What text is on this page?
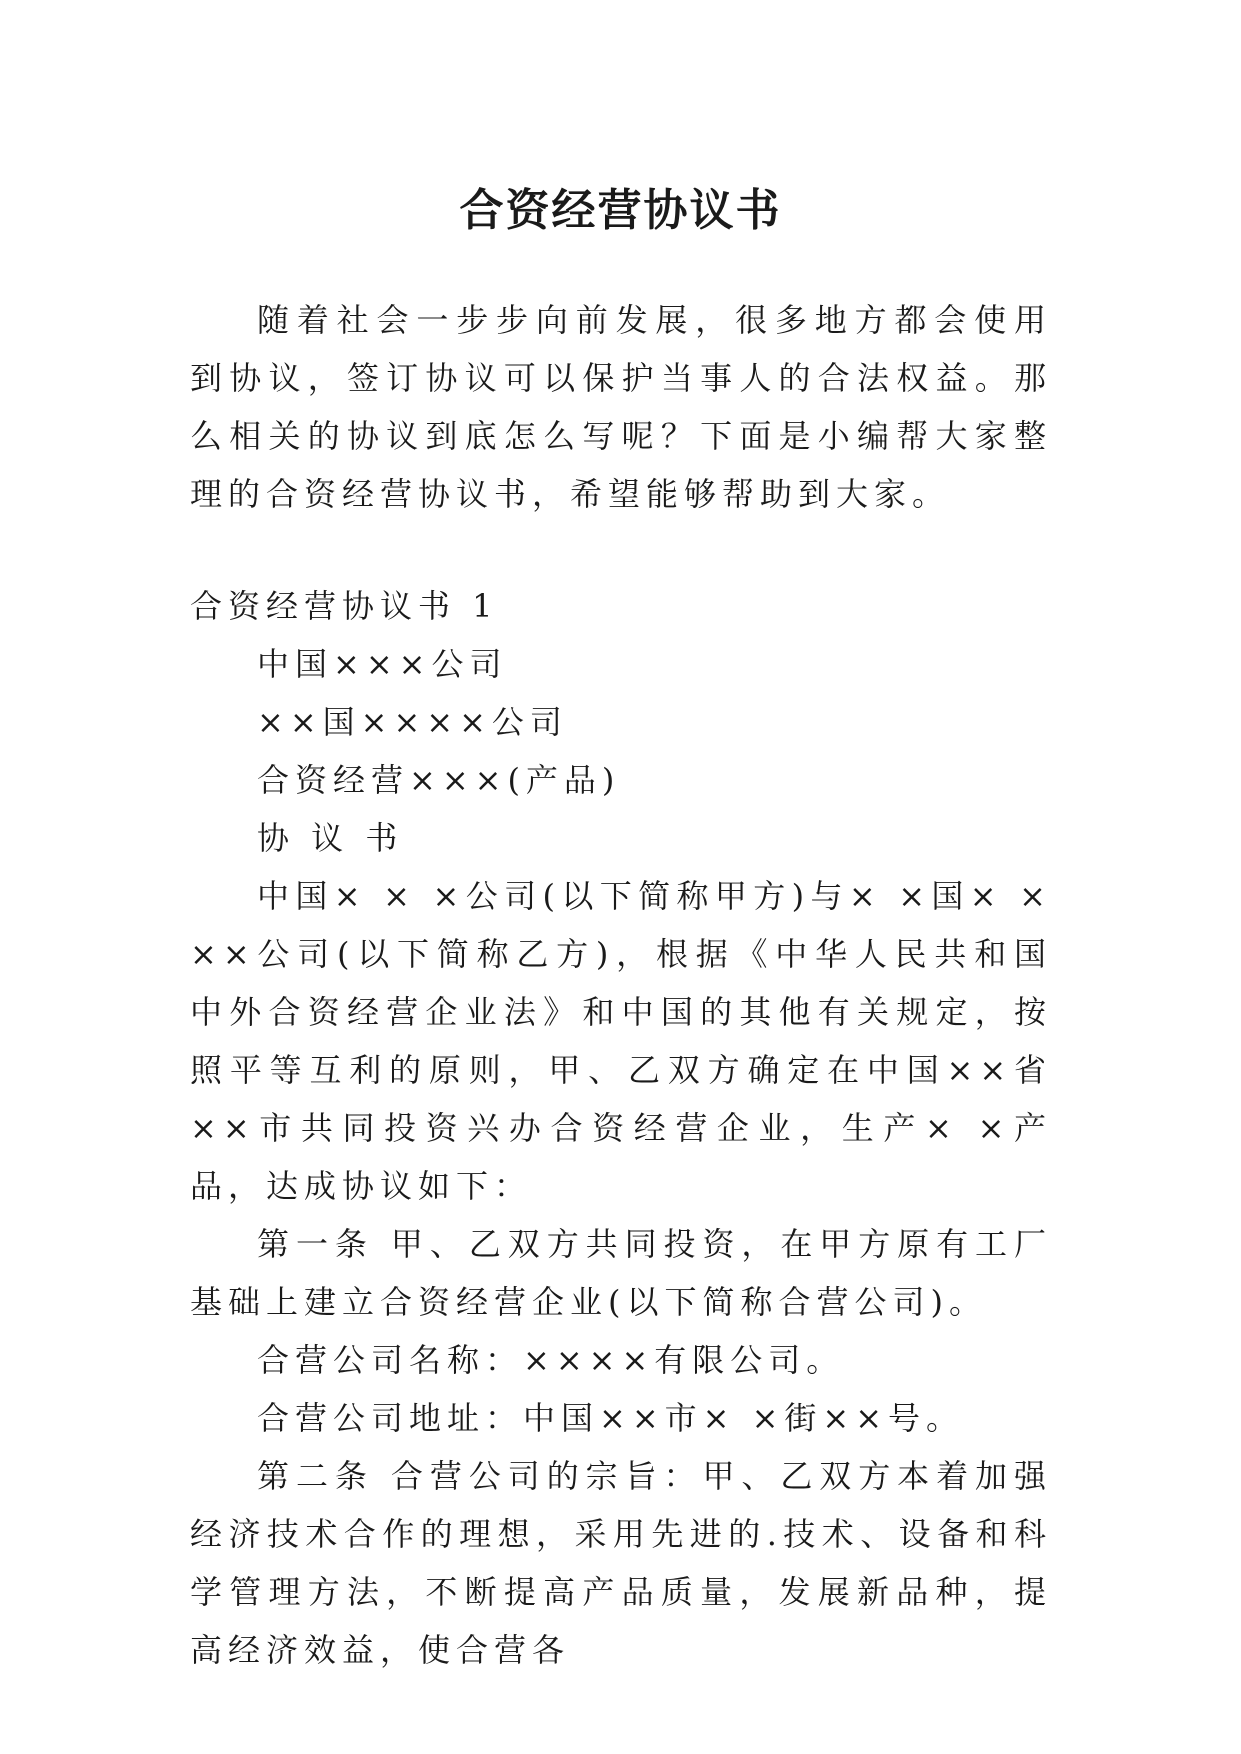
合资经营协议书

随着社会一步步向前发展，很多地方都会使用到协议，签订协议可以保护当事人的合法权益。那么相关的协议到底怎么写呢？下面是小编帮大家整理的合资经营协议书，希望能够帮助到大家。

合资经营协议书 1

中国×××公司

××国××××公司

合资经营×××(产品)

协 议 书

中国× × ×公司(以下简称甲方)与× ×国× × ××公司(以下简称乙方)，根据《中华人民共和国中外合资经营企业法》和中国的其他有关规定，按照平等互利的原则，甲、乙双方确定在中国××省××市共同投资兴办合资经营企业，生产× ×产品，达成协议如下：

第一条 甲、乙双方共同投资，在甲方原有工厂基础上建立合资经营企业(以下简称合营公司)。

合营公司名称：××××有限公司。

合营公司地址：中国××市× ×街××号。

第二条 合营公司的宗旨：甲、乙双方本着加强经济技术合作的理想，采用先进的.技术、设备和科学管理方法，不断提高产品质量，发展新品种，提高经济效益，使合营各
